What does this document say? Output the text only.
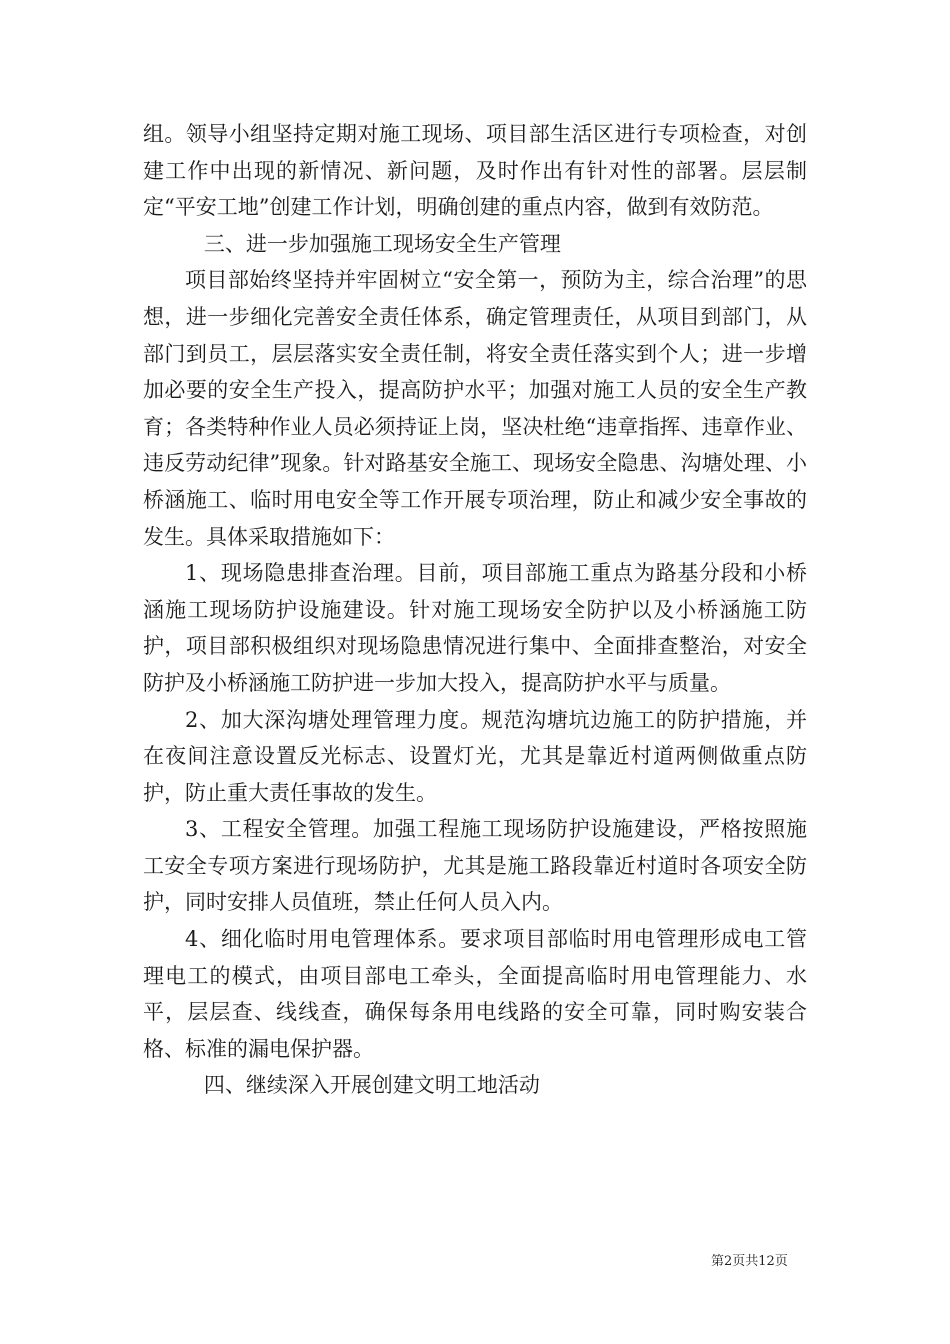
组。领导小组坚持定期对施工现场、项目部生活区进行专项检查，对创建工作中出现的新情况、新问题，及时作出有针对性的部署。层层制定“平安工地”创建工作计划，明确创建的重点内容，做到有效防范。

三、进一步加强施工现场安全生产管理

项目部始终坚持并牢固树立“安全第一，预防为主，综合治理”的思想，进一步细化完善安全责任体系，确定管理责任，从项目到部门，从部门到员工，层层落实安全责任制，将安全责任落实到个人；进一步增加必要的安全生产投入，提高防护水平；加强对施工人员的安全生产教育；各类特种作业人员必须持证上岗，坚决杜绝“违章指挥、违章作业、违反劳动纪律”现象。针对路基安全施工、现场安全隐患、沟塘处理、小桥涵施工、临时用电安全等工作开展专项治理，防止和减少安全事故的发生。具体采取措施如下：

1、现场隐患排查治理。目前，项目部施工重点为路基分段和小桥涵施工现场防护设施建设。针对施工现场安全防护以及小桥涵施工防护，项目部积极组织对现场隐患情况进行集中、全面排查整治，对安全防护及小桥涵施工防护进一步加大投入，提高防护水平与质量。

2、加大深沟塘处理管理力度。规范沟塘坑边施工的防护措施，并在夜间注意设置反光标志、设置灯光，尤其是靠近村道两侧做重点防护，防止重大责任事故的发生。

3、工程安全管理。加强工程施工现场防护设施建设，严格按照施工安全专项方案进行现场防护，尤其是施工路段靠近村道时各项安全防护，同时安排人员值班，禁止任何人员入内。

4、细化临时用电管理体系。要求项目部临时用电管理形成电工管理电工的模式，由项目部电工牵头，全面提高临时用电管理能力、水平，层层查、线线查，确保每条用电线路的安全可靠，同时购安装合格、标准的漏电保护器。

四、继续深入开展创建文明工地活动

第2页共12页
